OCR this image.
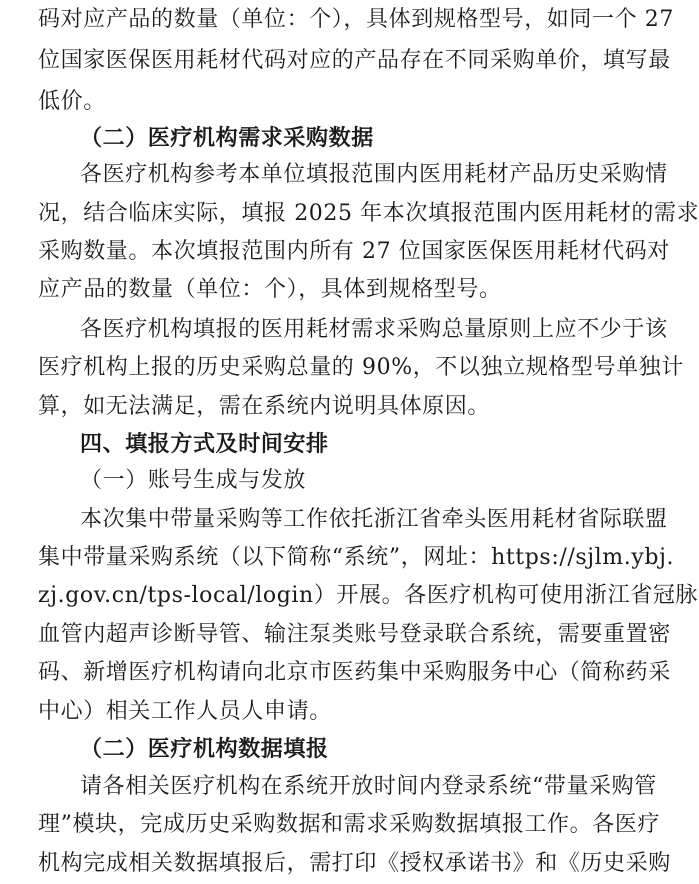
码对应产品的数量（单位：个），具体到规格型号，如同一个 27
位国家医保医用耗材代码对应的产品存在不同采购单价，填写最
低价。
（二）医疗机构需求采购数据
各医疗机构参考本单位填报范围内医用耗材产品历史采购情
况，结合临床实际，填报 2025 年本次填报范围内医用耗材的需求
采购数量。本次填报范围内所有 27 位国家医保医用耗材代码对
应产品的数量（单位：个），具体到规格型号。
各医疗机构填报的医用耗材需求采购总量原则上应不少于该
医疗机构上报的历史采购总量的 90%，不以独立规格型号单独计
算，如无法满足，需在系统内说明具体原因。
四、填报方式及时间安排
（一）账号生成与发放
本次集中带量采购等工作依托浙江省牵头医用耗材省际联盟
集中带量采购系统（以下简称“系统”，网址：https://sjlm.ybj.
zj.gov.cn/tps-local/login）开展。各医疗机构可使用浙江省冠脉
血管内超声诊断导管、输注泵类账号登录联合系统，需要重置密
码、新增医疗机构请向北京市医药集中采购服务中心（简称药采
中心）相关工作人员人申请。
（二）医疗机构数据填报
请各相关医疗机构在系统开放时间内登录系统“带量采购管
理”模块，完成历史采购数据和需求采购数据填报工作。各医疗
机构完成相关数据填报后，需打印《授权承诺书》和《历史采购
